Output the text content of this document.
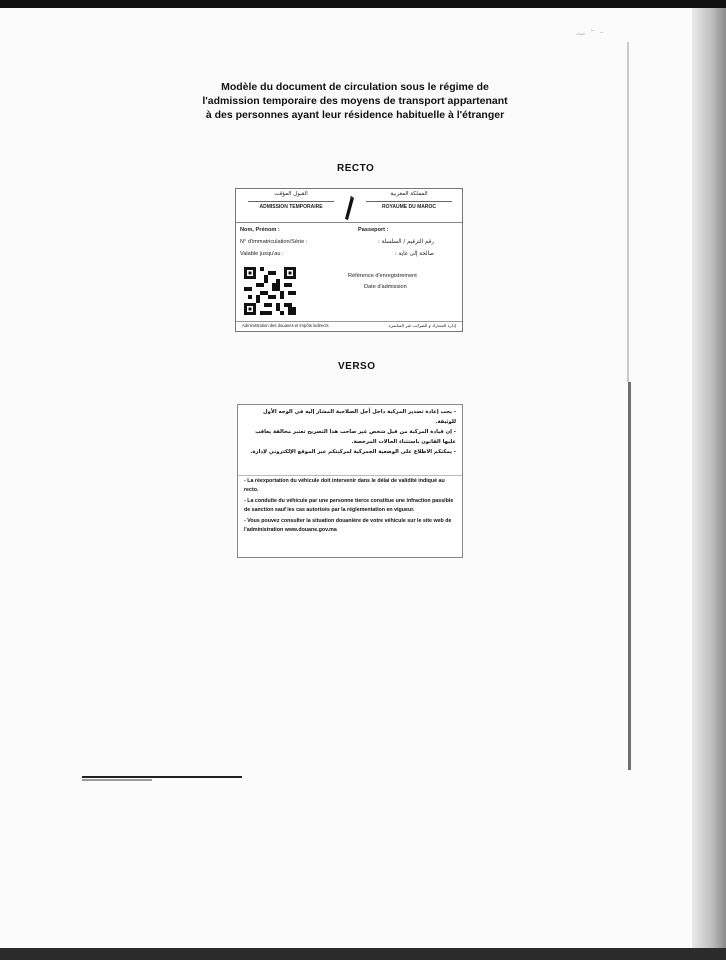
⁓ ˘ ⁻
Modèle du document de circulation sous le régime de
l'admission temporaire des moyens de transport appartenant
à des personnes ayant leur résidence habituelle à l'étranger
RECTO
القبول المؤقت
ADMISSION TEMPORAIRE
المملكة المغربية
ROYAUME DU MAROC
Nom, Prénom :	Passeport :
N° d'immatriculation/Série :	رقم الترقيم / السلسلة :
Valable jusqu'au :	صالحة إلى غاية :
Référence d'enregistrement
Date d'admission
Administration des douanes et impôts indirects	إدارة الجمارك و الضرائب غير المباشرة
VERSO
- يجب إعادة تصدير المركبة داخل أجل الصلاحية المشار إليه في الوجه الأول للوثيقة.
- إن قيادة المركبة من قبل شخص غير صاحب هذا التصريح تعتبر مخالفة يعاقب عليها القانون باستثناء الحالات المرخصة.
- يمكنكم الاطلاع على الوضعية الجمركية لمركبتكم عبر الموقع الإلكتروني لإدارة.

- La réexportation du véhicule doit intervenir dans le délai de validité indiqué au recto.

- La conduite du véhicule par une personne tierce constitue une infraction passible de sanction sauf les cas autorisés par la réglementation en vigueur.

- Vous pouvez consulter la situation douanière de votre véhicule sur le site web de l'administration www.douane.gov.ma
